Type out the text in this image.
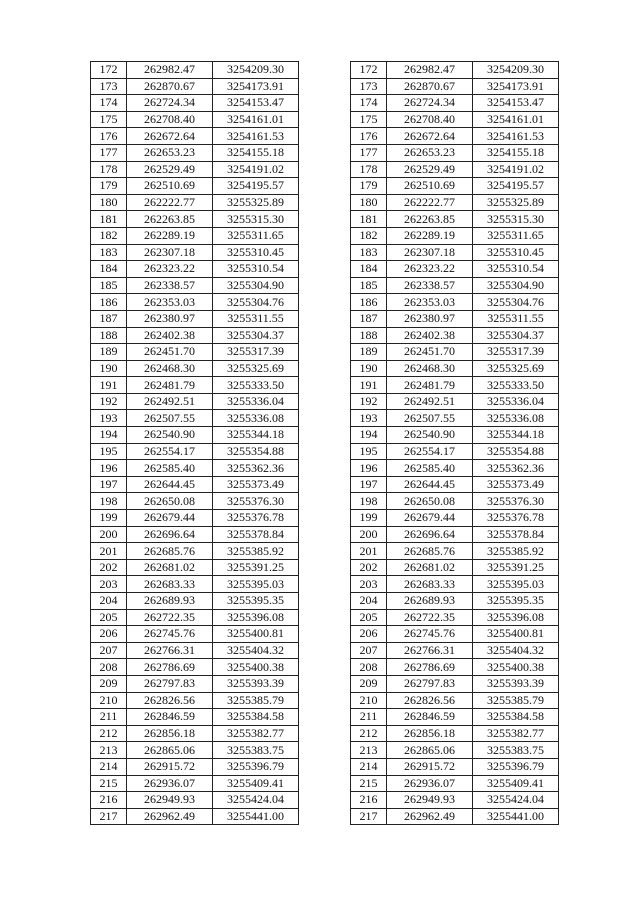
172	262982.47	3254209.30
173	262870.67	3254173.91
174	262724.34	3254153.47
175	262708.40	3254161.01
176	262672.64	3254161.53
177	262653.23	3254155.18
178	262529.49	3254191.02
179	262510.69	3254195.57
180	262222.77	3255325.89
181	262263.85	3255315.30
182	262289.19	3255311.65
183	262307.18	3255310.45
184	262323.22	3255310.54
185	262338.57	3255304.90
186	262353.03	3255304.76
187	262380.97	3255311.55
188	262402.38	3255304.37
189	262451.70	3255317.39
190	262468.30	3255325.69
191	262481.79	3255333.50
192	262492.51	3255336.04
193	262507.55	3255336.08
194	262540.90	3255344.18
195	262554.17	3255354.88
196	262585.40	3255362.36
197	262644.45	3255373.49
198	262650.08	3255376.30
199	262679.44	3255376.78
200	262696.64	3255378.84
201	262685.76	3255385.92
202	262681.02	3255391.25
203	262683.33	3255395.03
204	262689.93	3255395.35
205	262722.35	3255396.08
206	262745.76	3255400.81
207	262766.31	3255404.32
208	262786.69	3255400.38
209	262797.83	3255393.39
210	262826.56	3255385.79
211	262846.59	3255384.58
212	262856.18	3255382.77
213	262865.06	3255383.75
214	262915.72	3255396.79
215	262936.07	3255409.41
216	262949.93	3255424.04
217	262962.49	3255441.00
172	262982.47	3254209.30
173	262870.67	3254173.91
174	262724.34	3254153.47
175	262708.40	3254161.01
176	262672.64	3254161.53
177	262653.23	3254155.18
178	262529.49	3254191.02
179	262510.69	3254195.57
180	262222.77	3255325.89
181	262263.85	3255315.30
182	262289.19	3255311.65
183	262307.18	3255310.45
184	262323.22	3255310.54
185	262338.57	3255304.90
186	262353.03	3255304.76
187	262380.97	3255311.55
188	262402.38	3255304.37
189	262451.70	3255317.39
190	262468.30	3255325.69
191	262481.79	3255333.50
192	262492.51	3255336.04
193	262507.55	3255336.08
194	262540.90	3255344.18
195	262554.17	3255354.88
196	262585.40	3255362.36
197	262644.45	3255373.49
198	262650.08	3255376.30
199	262679.44	3255376.78
200	262696.64	3255378.84
201	262685.76	3255385.92
202	262681.02	3255391.25
203	262683.33	3255395.03
204	262689.93	3255395.35
205	262722.35	3255396.08
206	262745.76	3255400.81
207	262766.31	3255404.32
208	262786.69	3255400.38
209	262797.83	3255393.39
210	262826.56	3255385.79
211	262846.59	3255384.58
212	262856.18	3255382.77
213	262865.06	3255383.75
214	262915.72	3255396.79
215	262936.07	3255409.41
216	262949.93	3255424.04
217	262962.49	3255441.00
